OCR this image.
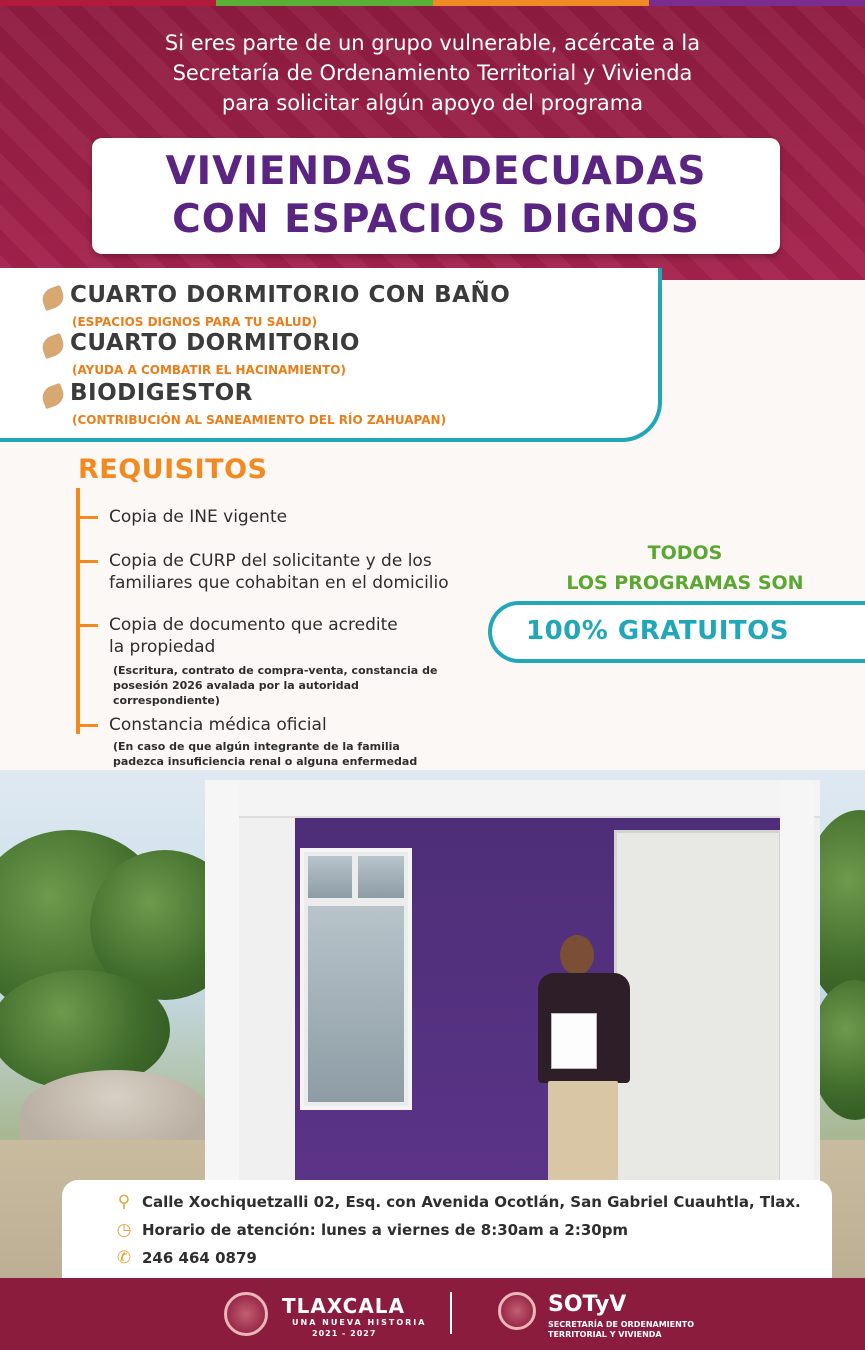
Si eres parte de un grupo vulnerable, acércate a la
Secretaría de Ordenamiento Territorial y Vivienda
para solicitar algún apoyo del programa
VIVIENDAS ADECUADAS
CON ESPACIOS DIGNOS
CUARTO DORMITORIO CON BAÑO
(ESPACIOS DIGNOS PARA TU SALUD)
CUARTO DORMITORIO
(AYUDA A COMBATIR EL HACINAMIENTO)
BIODIGESTOR
(CONTRIBUCIÓN AL SANEAMIENTO DEL RÍO ZAHUAPAN)
REQUISITOS
Copia de INE vigente
Copia de CURP del solicitante y de los
familiares que cohabitan en el domicilio
Copia de documento que acredite
la propiedad
(Escritura, contrato de compra-venta, constancia de
posesión 2026 avalada por la autoridad
correspondiente)
Constancia médica oficial
(En caso de que algún integrante de la familia
padezca insuficiencia renal o alguna enfermedad

TODOS
LOS PROGRAMAS SON
100% GRATUITOS
⚲ Calle Xochiquetzalli 02, Esq. con Avenida Ocotlán, San Gabriel Cuauhtla, Tlax.
◷ Horario de atención: lunes a viernes de 8:30am a 2:30pm
✆ 246 464 0879
TLAXCALA
UNA NUEVA HISTORIA
2021 - 2027
SOTyV
SECRETARÍA DE ORDENAMIENTO
TERRITORIAL Y VIVIENDA
